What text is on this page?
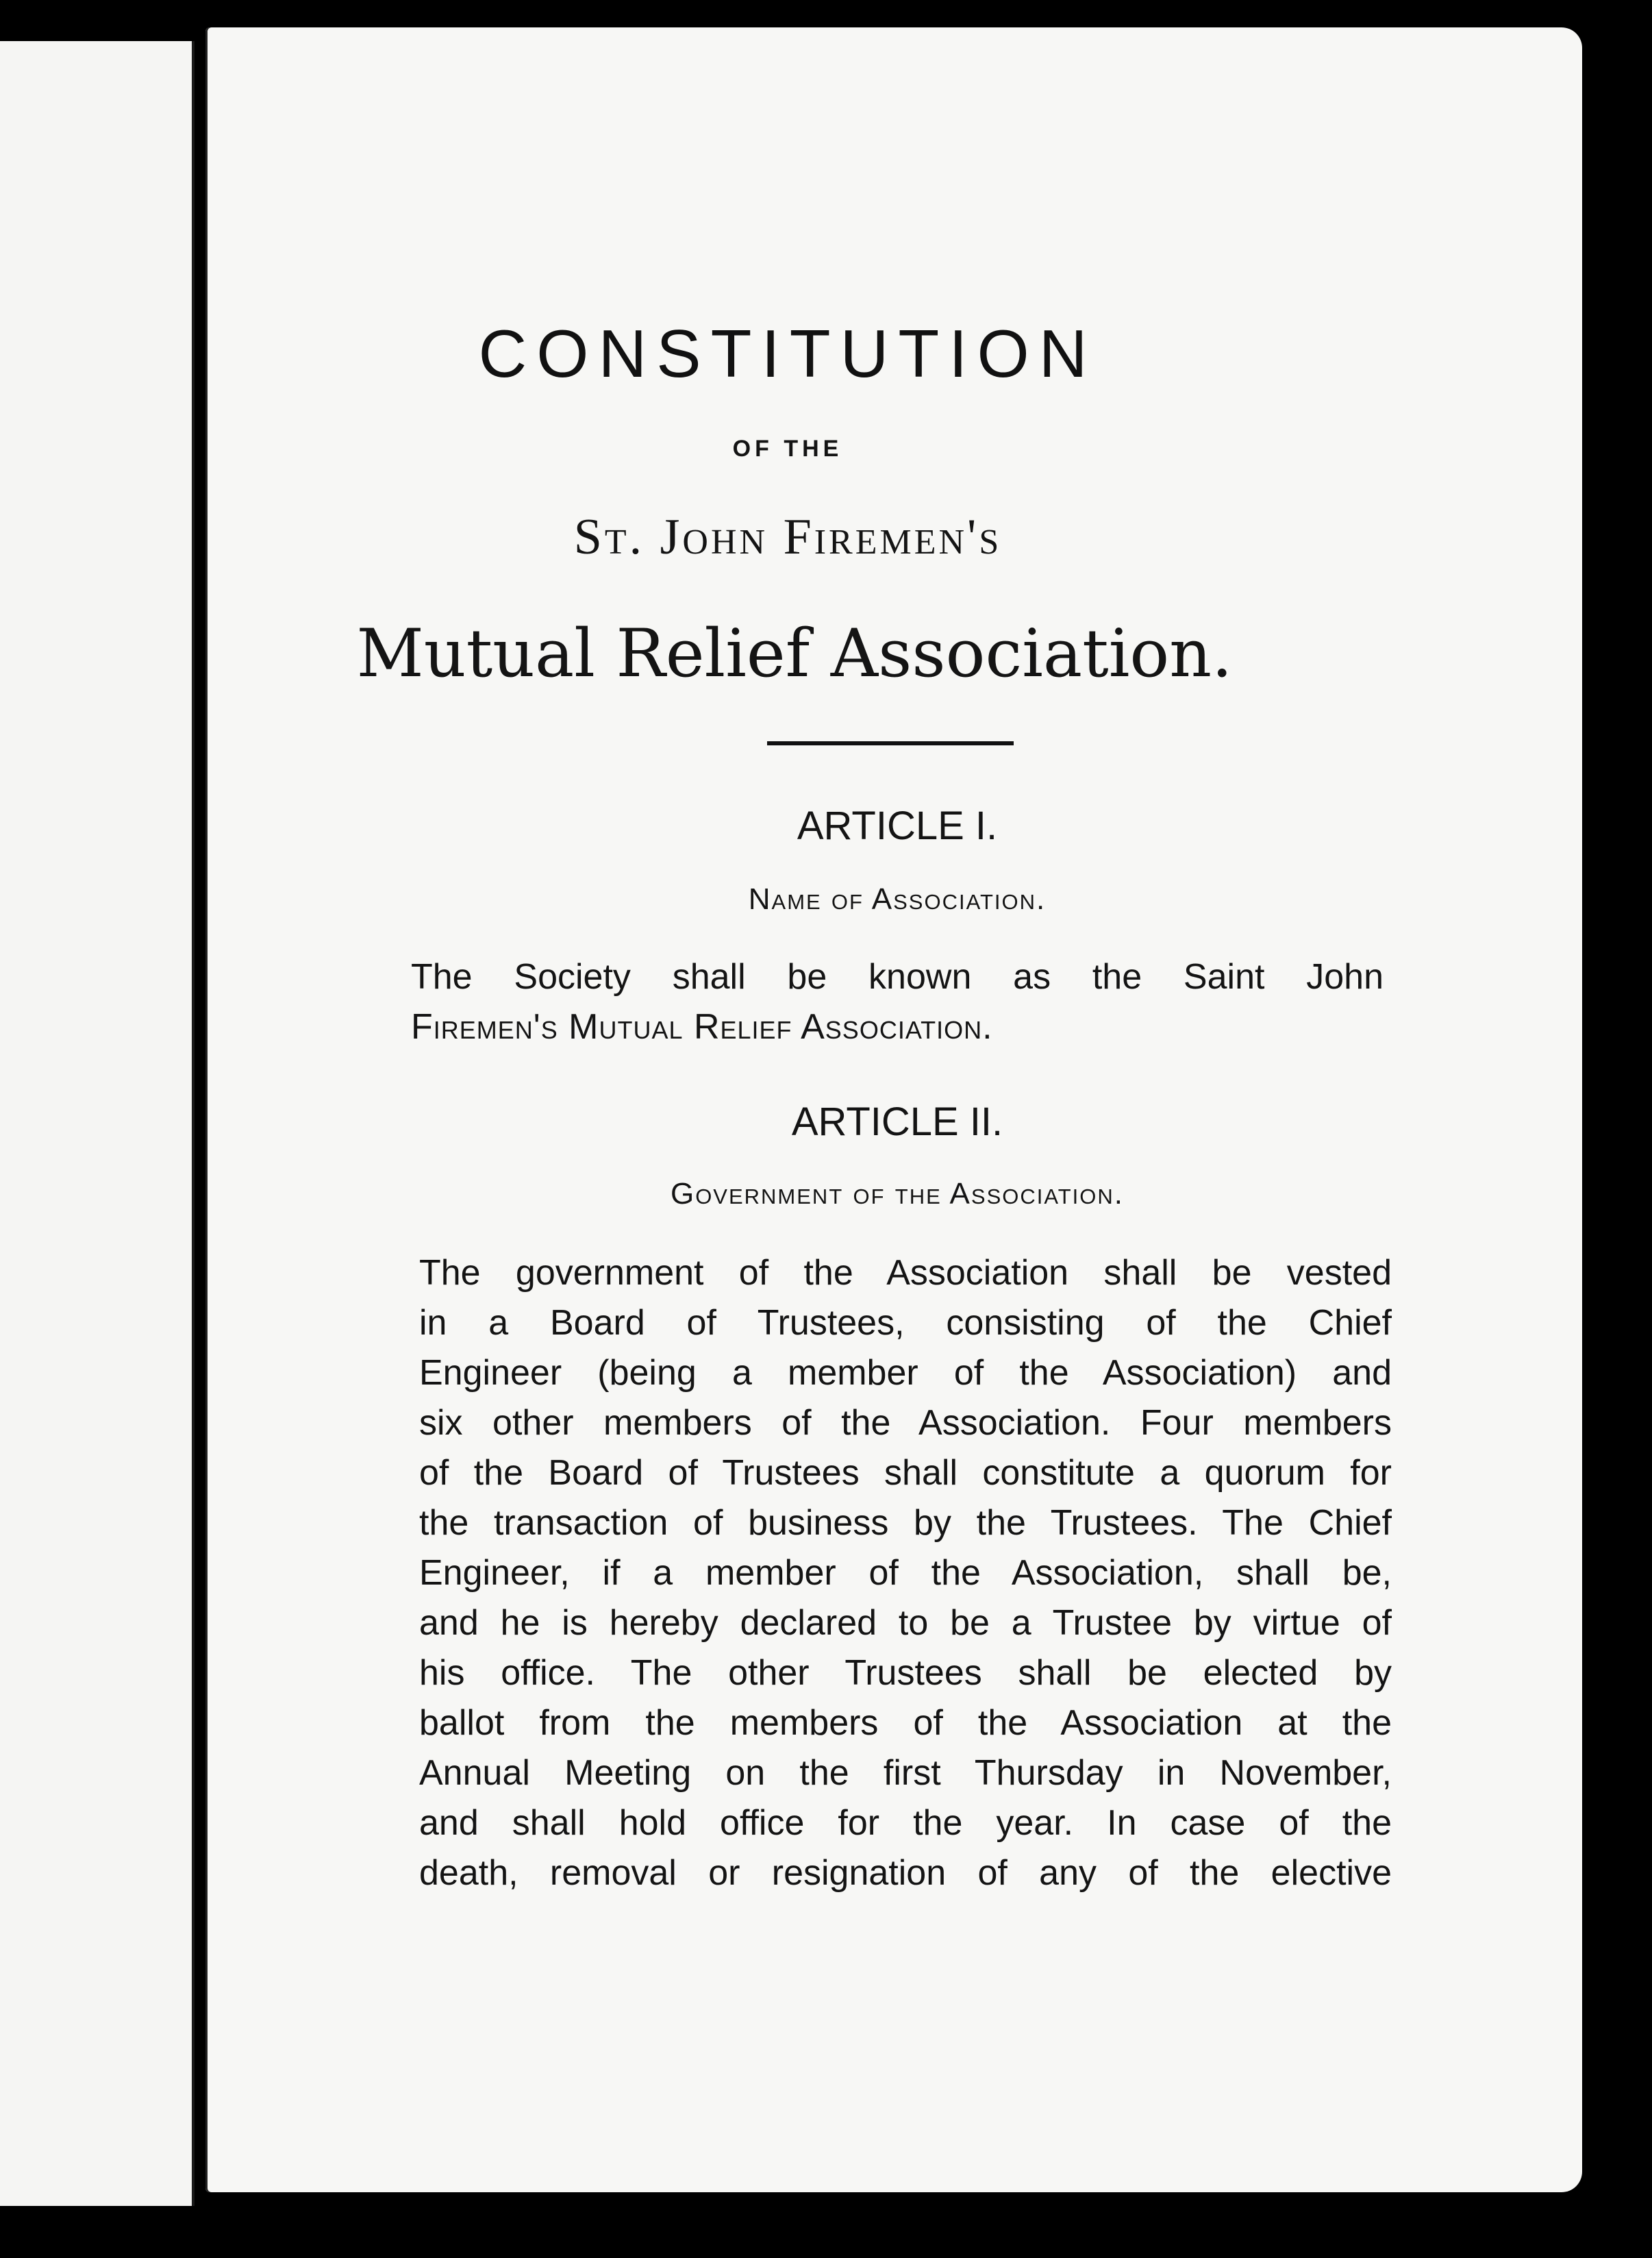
CONSTITUTION
OF THE
St. John Firemen's
Mutual Relief Association.
ARTICLE I.
Name of Association.
The Society shall be known as the Saint John
Firemen's Mutual Relief Association.
ARTICLE II.
Government of the Association.
The government of the Association shall be vested
in a Board of Trustees, consisting of the Chief
Engineer (being a member of the Association) and
six other members of the Association. Four members
of the Board of Trustees shall constitute a quorum for
the transaction of business by the Trustees. The Chief
Engineer, if a member of the Association, shall be,
and he is hereby declared to be a Trustee by virtue of
his office. The other Trustees shall be elected by
ballot from the members of the Association at the
Annual Meeting on the first Thursday in November,
and shall hold office for the year. In case of the
death, removal or resignation of any of the elective
